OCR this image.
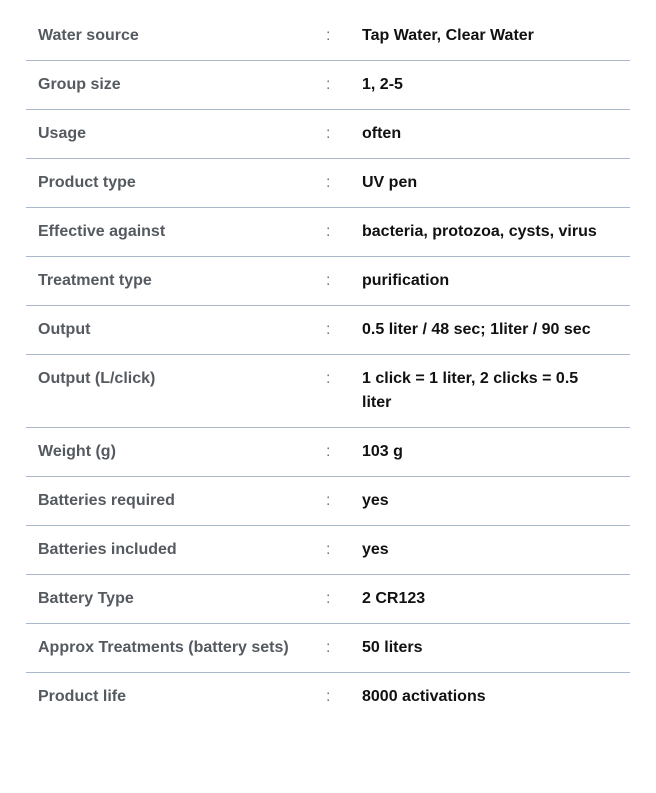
Water source	:	Tap Water, Clear Water
Group size	:	1, 2-5
Usage	:	often
Product type	:	UV pen
Effective against	:	bacteria, protozoa, cysts, virus
Treatment type	:	purification
Output	:	0.5 liter / 48 sec; 1liter / 90 sec
Output (L/click)	:	1 click = 1 liter, 2 clicks = 0.5 liter
Weight (g)	:	103 g
Batteries required	:	yes
Batteries included	:	yes
Battery Type	:	2 CR123
Approx Treatments (battery sets)	:	50 liters
Product life	:	8000 activations
